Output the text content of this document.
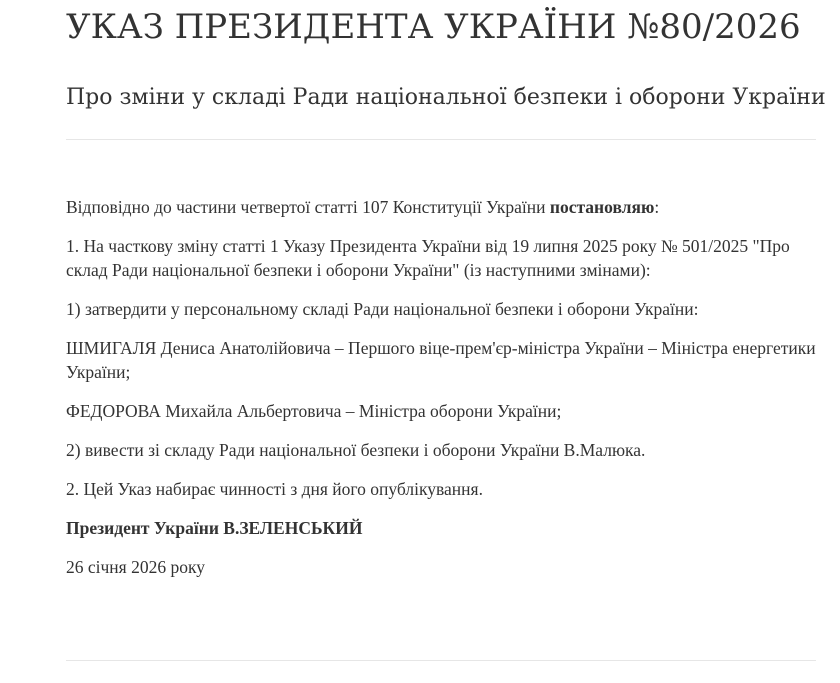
УКАЗ ПРЕЗИДЕНТА УКРАЇНИ №80/2026
Про зміни у складі Ради національної безпеки і оборони України

Відповідно до частини четвертої статті 107 Конституції України постановляю:

1. На часткову зміну статті 1 Указу Президента України від 19 липня 2025 року № 501/2025 "Про склад Ради національної безпеки і оборони України" (із наступними змінами):

1) затвердити у персональному складі Ради національної безпеки і оборони України:

ШМИГАЛЯ Дениса Анатолійовича – Першого віце-прем'єр-міністра України – Міністра енергетики України;

ФЕДОРОВА Михайла Альбертовича – Міністра оборони України;

2) вивести зі складу Ради національної безпеки і оборони України В.Малюка.

2. Цей Указ набирає чинності з дня його опублікування.

Президент України В.ЗЕЛЕНСЬКИЙ

26 січня 2026 року
